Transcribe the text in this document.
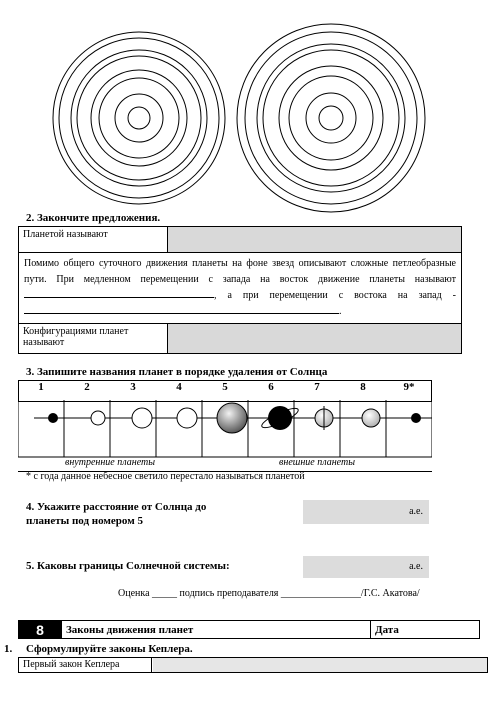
2. Закончите предложения.
Планетой называют	
Помимо общего суточного движения планеты на фоне звезд описывают сложные петлеобразные пути. При медленном перемещении с запада на восток движение планеты называют , а при перемещении с востока на запад - .	
Конфигурациями планет называют	
3. Запишите названия планет в порядке удаления от Солнца
1	2	3	4	5	6	7	8	9*
внутренние планеты	внешние планеты
* с года данное небесное светило перестало называться планетой
4. Укажите расстояние от Солнца до планеты под номером 5
а.е.
5. Каковы границы Солнечной системы:	а.е.
Оценка _____ подпись преподавателя ________________/Г.С. Акатова/
8	Законы движения планет	Дата
1. Сформулируйте законы Кеплера.
Первый закон Кеплера
